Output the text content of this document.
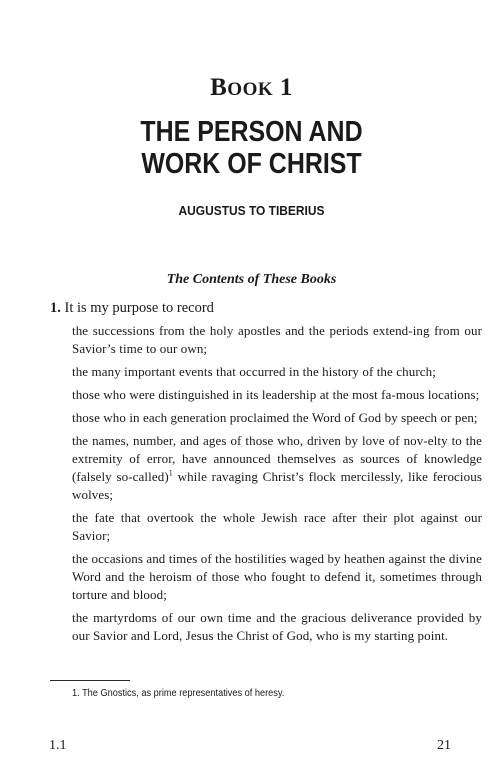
BOOK 1
THE PERSON AND
WORK OF CHRIST
AUGUSTUS TO TIBERIUS
The Contents of These Books
1. It is my purpose to record

the successions from the holy apostles and the periods extend-ing from our Savior’s time to our own;

the many important events that occurred in the history of the church;

those who were distinguished in its leadership at the most fa-mous locations;

those who in each generation proclaimed the Word of God by speech or pen;

the names, number, and ages of those who, driven by love of nov-elty to the extremity of error, have announced themselves as sources of knowledge (falsely so-called)$^1$ while ravaging Christ’s flock mercilessly, like ferocious wolves;

the fate that overtook the whole Jewish race after their plot against our Savior;

the occasions and times of the hostilities waged by heathen against the divine Word and the heroism of those who fought to defend it, sometimes through torture and blood;

the martyrdoms of our own time and the gracious deliverance provided by our Savior and Lord, Jesus the Christ of God, who is my starting point.

1. The Gnostics, as prime representatives of heresy.
1.1	21
